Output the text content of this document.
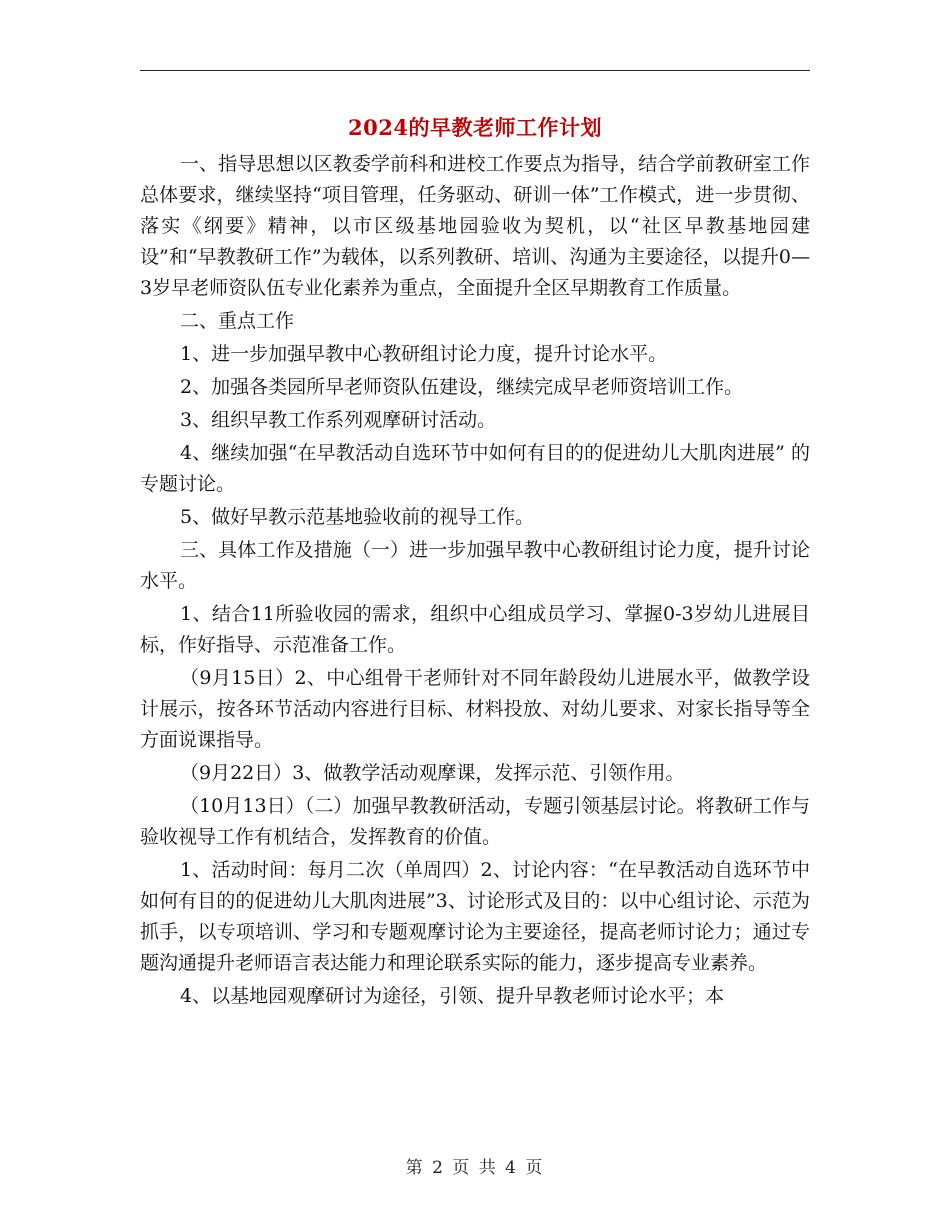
2024的早教老师工作计划

一、指导思想以区教委学前科和进校工作要点为指导，结合学前教研室工作总体要求，继续坚持“项目管理，任务驱动、研训一体”工作模式，进一步贯彻、落实《纲要》精神，以市区级基地园验收为契机，以“社区早教基地园建设”和“早教教研工作”为载体，以系列教研、培训、沟通为主要途径，以提升0—3岁早老师资队伍专业化素养为重点，全面提升全区早期教育工作质量。

二、重点工作

1、进一步加强早教中心教研组讨论力度，提升讨论水平。

2、加强各类园所早老师资队伍建设，继续完成早老师资培训工作。

3、组织早教工作系列观摩研讨活动。

4、继续加强“在早教活动自选环节中如何有目的的促进幼儿大肌肉进展” 的专题讨论。

5、做好早教示范基地验收前的视导工作。

三、具体工作及措施（一）进一步加强早教中心教研组讨论力度，提升讨论水平。

1、结合11所验收园的需求，组织中心组成员学习、掌握0-3岁幼儿进展目标，作好指导、示范准备工作。

（9月15日）2、中心组骨干老师针对不同年龄段幼儿进展水平，做教学设计展示，按各环节活动内容进行目标、材料投放、对幼儿要求、对家长指导等全方面说课指导。

（9月22日）3、做教学活动观摩课，发挥示范、引领作用。

（10月13日）（二）加强早教教研活动，专题引领基层讨论。将教研工作与验收视导工作有机结合，发挥教育的价值。

1、活动时间：每月二次（单周四）2、讨论内容：“在早教活动自选环节中如何有目的的促进幼儿大肌肉进展”3、讨论形式及目的：以中心组讨论、示范为抓手，以专项培训、学习和专题观摩讨论为主要途径，提高老师讨论力；通过专题沟通提升老师语言表达能力和理论联系实际的能力，逐步提高专业素养。

4、以基地园观摩研讨为途径，引领、提升早教老师讨论水平；本

第 2 页 共 4 页
